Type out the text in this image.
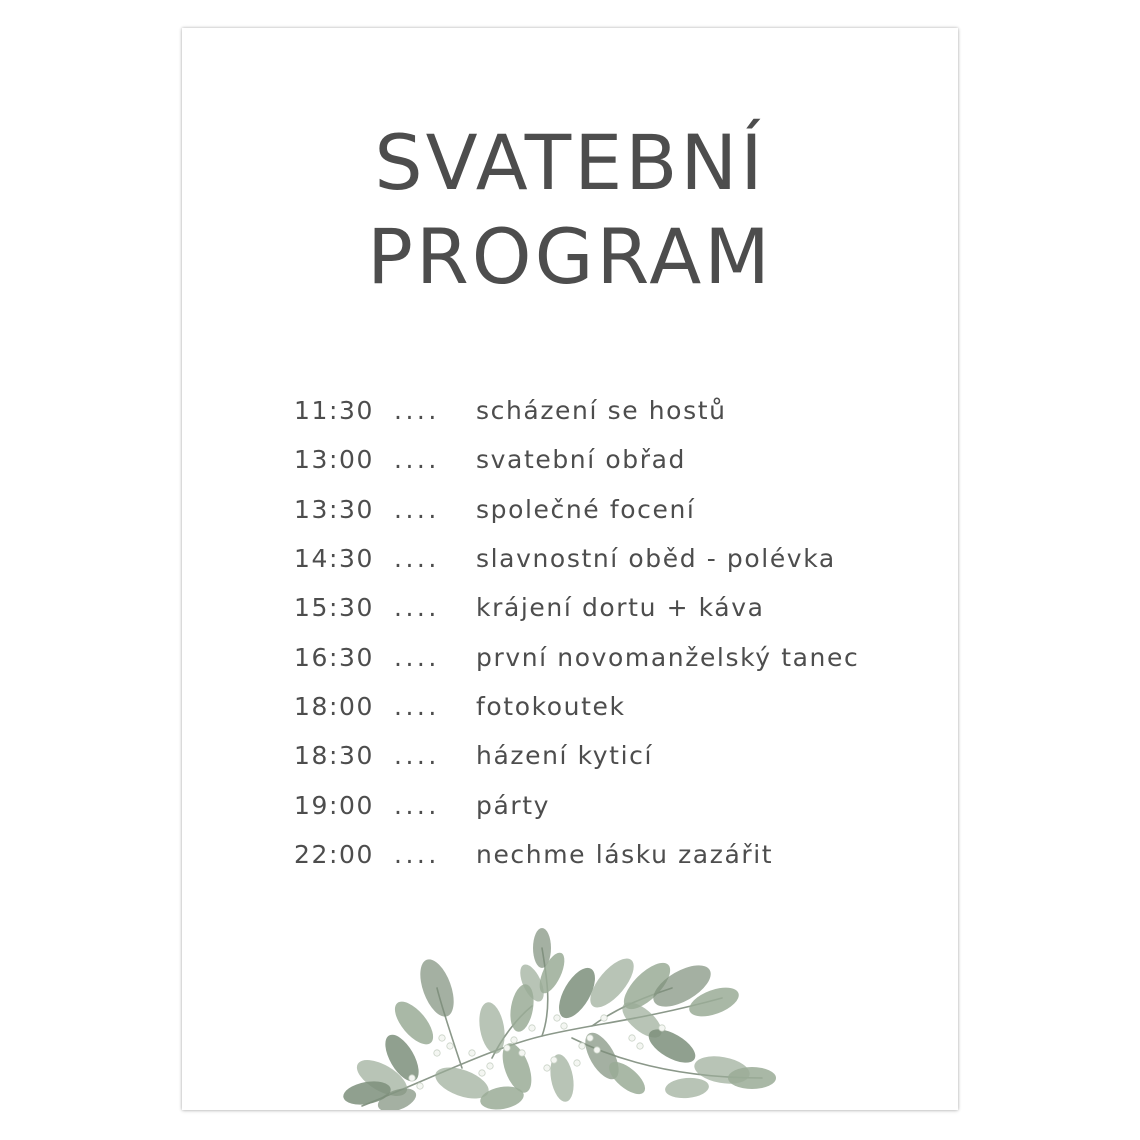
SVATEBNÍ
PROGRAM
11:30 ....	scházení se hostů
13:00 ....	svatební obřad
13:30 ....	společné focení
14:30 ....	slavnostní oběd - polévka
15:30 ....	krájení dortu + káva
16:30 ....	první novomanželský tanec
18:00 ....	fotokoutek
18:30 ....	házení kyticí
19:00 ....	párty
22:00 ....	nechme lásku zazářit
